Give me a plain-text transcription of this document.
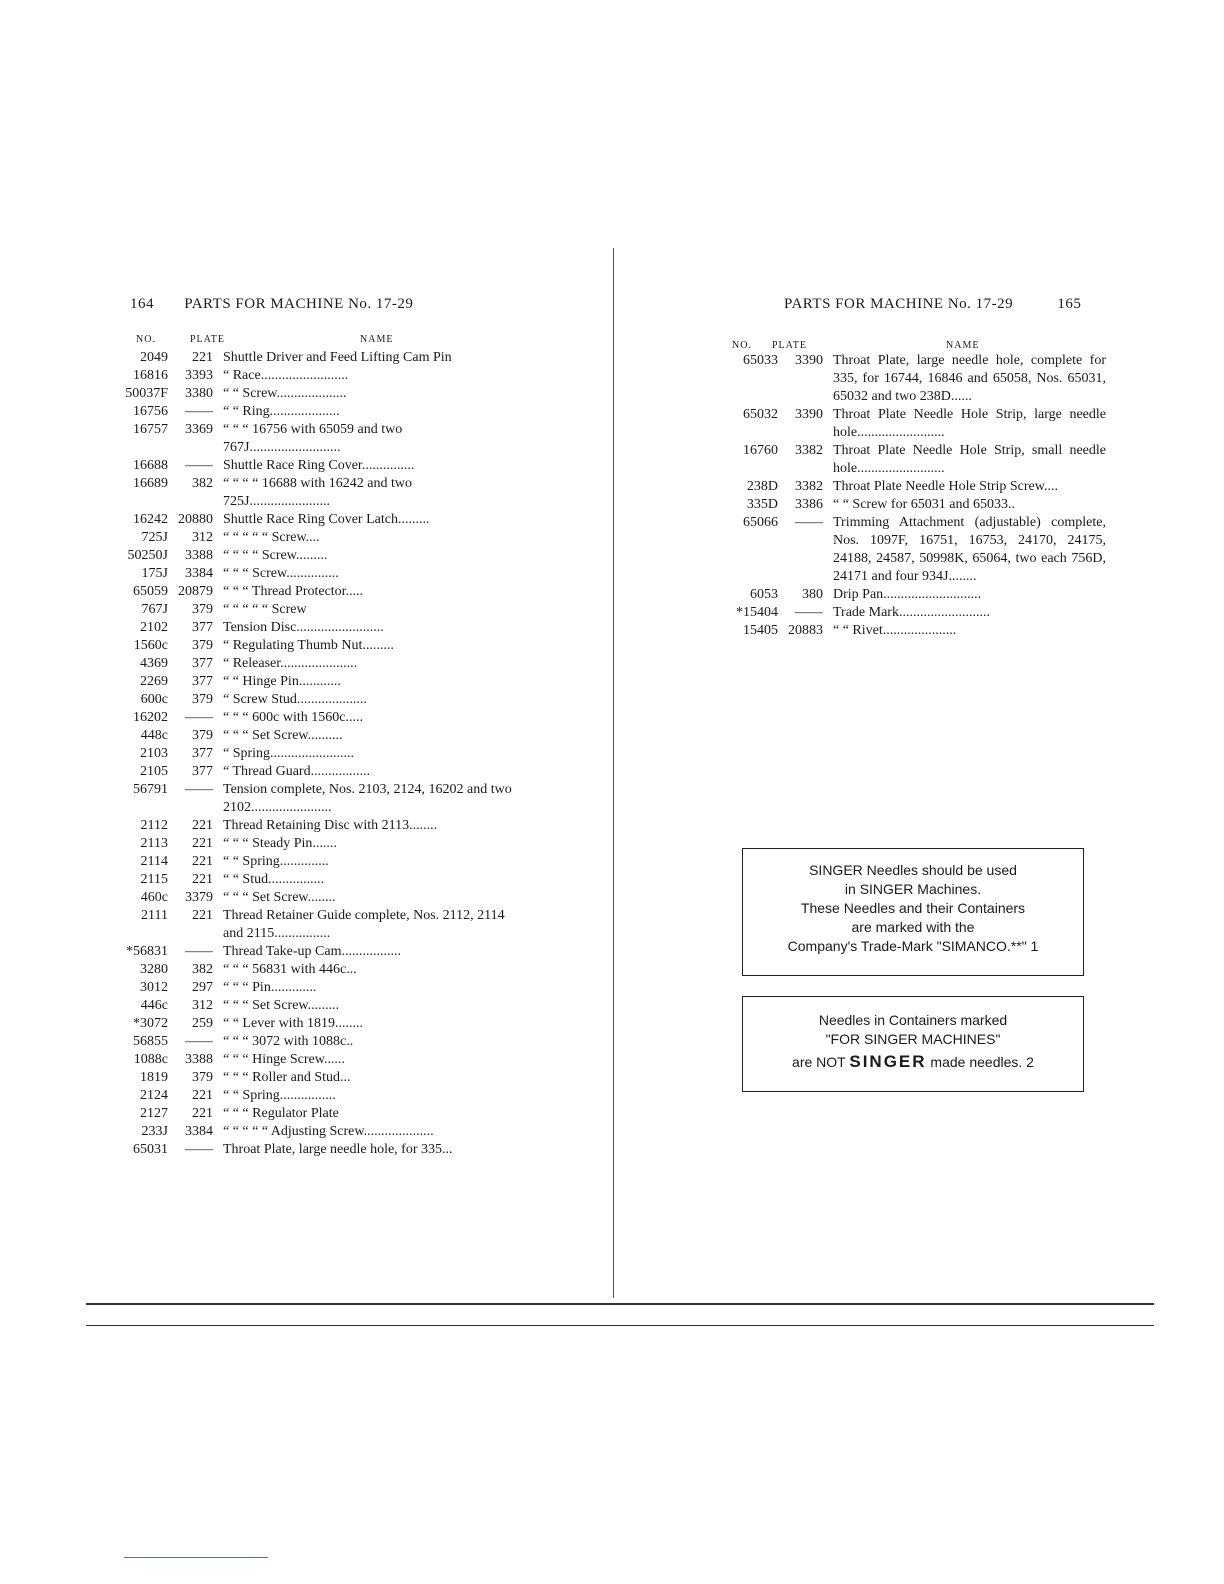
164 PARTS FOR MACHINE No. 17-29
NO.	PLATE	NAME
2049	221 Shuttle Driver and Feed Lifting Cam Pin
16816	3393 “ Race.........................
50037F	3380 “ “ Screw....................
16756	—— “ “ Ring....................
16757	3369 “ “ “ 16756 with 65059 and two 767J..........................
16688	—— Shuttle Race Ring Cover...............
16689	382 “ “ “ “ 16688 with 16242 and two 725J.......................
16242 20880 Shuttle Race Ring Cover Latch.........
725J	312 “ “ “ “ “ Screw....
50250J	3388 “ “ “ “ Screw.........
175J	3384 “ “ “ Screw...............
65059 20879 “ “ “ Thread Protector.....
767J	379 “ “ “ “ “ Screw
2102	377 Tension Disc.........................
1560c	379 “ Regulating Thumb Nut.........
4369	377 “ Releaser......................
2269	377 “ “ Hinge Pin............
600c	379 “ Screw Stud....................
16202	—— “ “ “ 600c with 1560c.....
448c	379 “ “ “ Set Screw..........
2103	377 “ Spring........................
2105	377 “ Thread Guard.................
56791	—— Tension complete, Nos. 2103, 2124, 16202 and two 2102.......................
2112	221 Thread Retaining Disc with 2113........
2113	221 “ “ “ Steady Pin.......
2114	221 “ “ Spring..............
2115	221 “ “ Stud................
460c	3379 “ “ “ Set Screw........
2111	221 Thread Retainer Guide complete, Nos. 2112, 2114 and 2115................
*56831	—— Thread Take-up Cam.................
3280	382 “ “ “ 56831 with 446c...
3012	297 “ “ “ Pin.............
446c	312 “ “ “ Set Screw.........
*3072	259 “ “ Lever with 1819........
56855	—— “ “ “ 3072 with 1088c..
1088c	3388 “ “ “ Hinge Screw......
1819	379 “ “ “ Roller and Stud...
2124	221 “ “ Spring................
2127	221 “ “ “ Regulator Plate
233J	3384 “ “ “ “ “ Adjusting Screw....................
65031	—— Throat Plate, large needle hole, for 335...
PARTS FOR MACHINE No. 17-29	165
NO. PLATE	NAME
65033	3390 Throat Plate, large needle hole, complete for 335, for 16744, 16846 and 65058, Nos. 65031, 65032 and two 238D......
65032	3390 Throat Plate Needle Hole Strip, large needle hole.........................
16760	3382 Throat Plate Needle Hole Strip, small needle hole.........................
238D	3382 Throat Plate Needle Hole Strip Screw....
335D	3386 “ “ Screw for 65031 and 65033..
65066	—— Trimming Attachment (adjustable) complete, Nos. 1097F, 16751, 16753, 24170, 24175, 24188, 24587, 50998K, 65064, two each 756D, 24171 and four 934J........
6053	380 Drip Pan............................
*15404	—— Trade Mark..........................
15405 20883 “ “ Rivet.....................
SINGER Needles should be used
in SINGER Machines.
These Needles and their Containers
are marked with the
Company's Trade-Mark "SIMANCO.**" 1
Needles in Containers marked
"FOR SINGER MACHINES"
are NOT SINGER made needles. 2
